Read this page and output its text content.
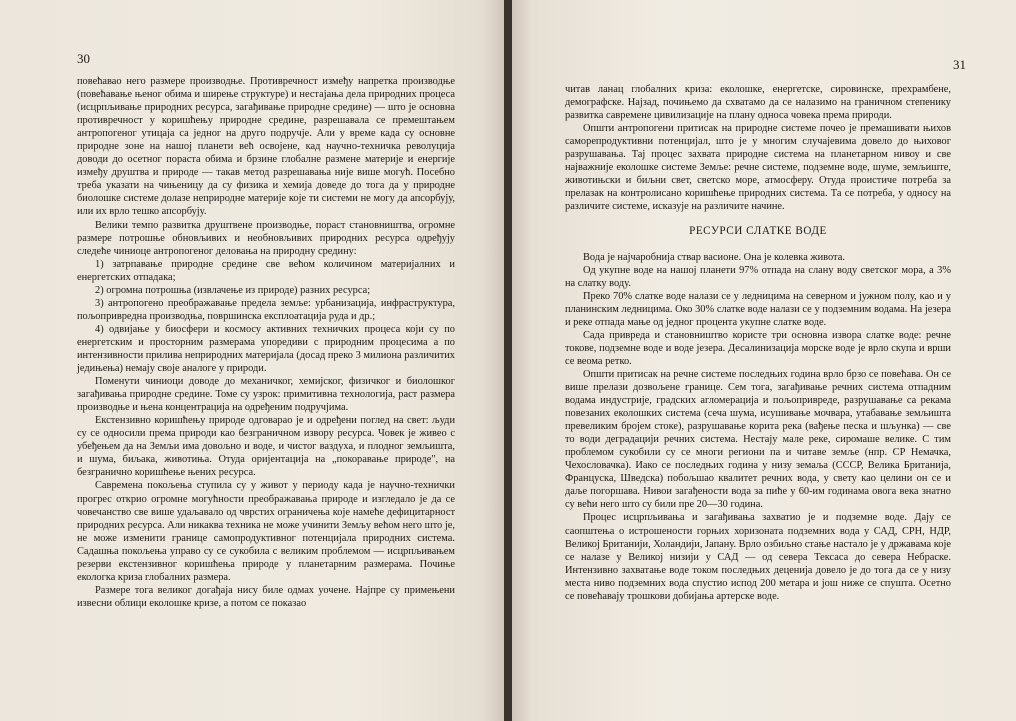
30	31

повећавао него размере производње. Противречност између напретка производње (повећавање њеног обима и ширење структуре) и нестајања дела природних процеса (исцрпљивање природних ресурса, загађивање природне средине) — што је основна противречност у коришћењу природне средине, разрешавала се премештањем антропогеног утицаја са једног на друго подручје. Али у време када су основне природне зоне на нашој планети већ освојене, кад научно-техничка револуција доводи до осетног пораста обима и брзине глобалне размене материје и енергије између друштва и природе — такав метод разрешавања није више могућ. Посебно треба указати на чињеницу да су физика и хемија доведе до тога да у природне биолошке системе долазе неприродне материје које ти системи не могу да апсорбују, или их врло тешко апсорбују.

Велики темпо развитка друштвене производње, пораст становништва, огромне размере потрошње обновљивих и необновљивих природних ресурса одређују следеће чиниоце антропогеног деловања на природну средину:

1) затрпавање природне средине све већом количином материјалних и енергетских отпадака;

2) огромна потрошња (извлачење из природе) разних ресурса;

3) антропогено преображавање предела земље: урбанизација, инфраструктура, пољопривредна производња, површинска експлоатација руда и др.;

4) одвијање у биосфери и космосу активних техничких процеса који су по енергетским и просторним размерама упоредиви с природним процесима а по интензивности прилива неприродних материјала (досад преко 3 милиона различитих једињења) немају своје аналоге у природи.

Поменути чиниоци доводе до механичког, хемијског, физичког и биолошког загађивања природне средине. Томе су узрок: примитивна технологија, раст размера производње и њена концентрација на одређеним подручјима.

Екстензивно коришћењу природе одговарао је и одређени поглед на свет: људи су се односили према природи као безграничном извору ресурса. Човек је живео с убеђењем да на Земљи има довољно и воде, и чистог ваздуха, и плодног земљишта, и шума, биљака, животиња. Отуда оријентација на „покоравање природе", на безгранично коришћење њених ресурса.

Савремена покољења ступила су у живот у периоду када је научно-технички прогрес открио огромне могућности преображавања природе и изгледало је да се човечанство све више удаљавало од чврстих ограничења које намеће дефицитарност природних ресурса. Али никаква техника не може учинити Земљу већом него што је, не може изменити границе самопродуктивног потенцијала природних система. Садашња покољења управо су се сукобила с великим проблемом — исцрпљивањем резерви екстензивног коришћења природе у планетарним размерама. Почиње екологка криза глобалних размера.

Размере тога великог догађаја нису биле одмах уочене. Најпре су примењени извесни облици еколошке кризе, а потом се показао

читав ланац глобалних криза: еколошке, енергетске, сировинске, прехрамбене, демографске. Најзад, почињемо да схватамо да се налазимо на граничном степенику развитка савремене цивилизације на плану односа човека према природи.

Општи антропогени притисак на природне системе почео је премашивати њихов саморепродуктивни потенцијал, што је у многим случајевима довело до њиховог разрушавања. Тај процес захвата природне система на планетарном нивоу и све најважније еколошке системе Земље: речне системе, подземне воде, шуме, земљиште, животињски и биљни свет, светско море, атмосферу. Отуда проистиче потреба за прелазак на контролисано коришћење природних система. Та се потреба, у односу на различите системе, исказује на различите начине.

РЕСУРСИ СЛАТКЕ ВОДЕ

Вода је најчаробнија ствар васионе. Она је колевка живота.

Од укупне воде на нашој планети 97% отпада на слану воду светског мора, а 3% на слатку воду.

Преко 70% слатке воде налази се у ледницима на северном и јужном полу, као и у планинским ледницима. Око 30% слатке воде налази се у подземним водама. На језера и реке отпада мање од једног процента укупне слатке воде.

Сада привреда и становништво користе три основна извора слатке воде: речне токове, подземне воде и воде језера. Десалинизација морске воде је врло скупа и врши се веома ретко.

Општи притисак на речне системе последњих година врло брзо се повећава. Он се више прелази дозвољене границе. Сем тога, загађивање речних система отпадним водама индустрије, градских агломерација и пољопривреде, разрушавање са рекама повезаних еколошких система (сеча шума, исушивање мочвара, утабавање земљишта превеликим бројем стоке), разрушавање корита река (вађење песка и шљунка) — све то води деградацији речних система. Нестају мале реке, сиромаше велике. С тим проблемом сукобили су се многи региони па и читаве земље (нпр. СР Немачка, Чехословачка). Иако се последњих година у низу земаља (СССР, Велика Британија, Француска, Шведска) побољшао квалитет речних вода, у свету као целини он се и даље погоршава. Нивои загађености вода за пиће у 60-им годинама овога века знатно су већи него што су били пре 20—30 година.

Процес исцрпљивања и загађивања захватио је и подземне воде. Дају се саопштења о истрошености горњих хоризоната подземних вода у САД, СРН, НДР, Великој Британији, Холандији, Јапану. Врло озбиљно стање настало је у државама које се налазе у Великој низији у САД — од севера Тексаса до севера Небраске. Интензивно захватање воде током последњих деценија довело је до тога да се у низу места ниво подземних вода спустио испод 200 метара и још ниже се спушта. Осетно се повећавају трошкови добијања артерске воде.
